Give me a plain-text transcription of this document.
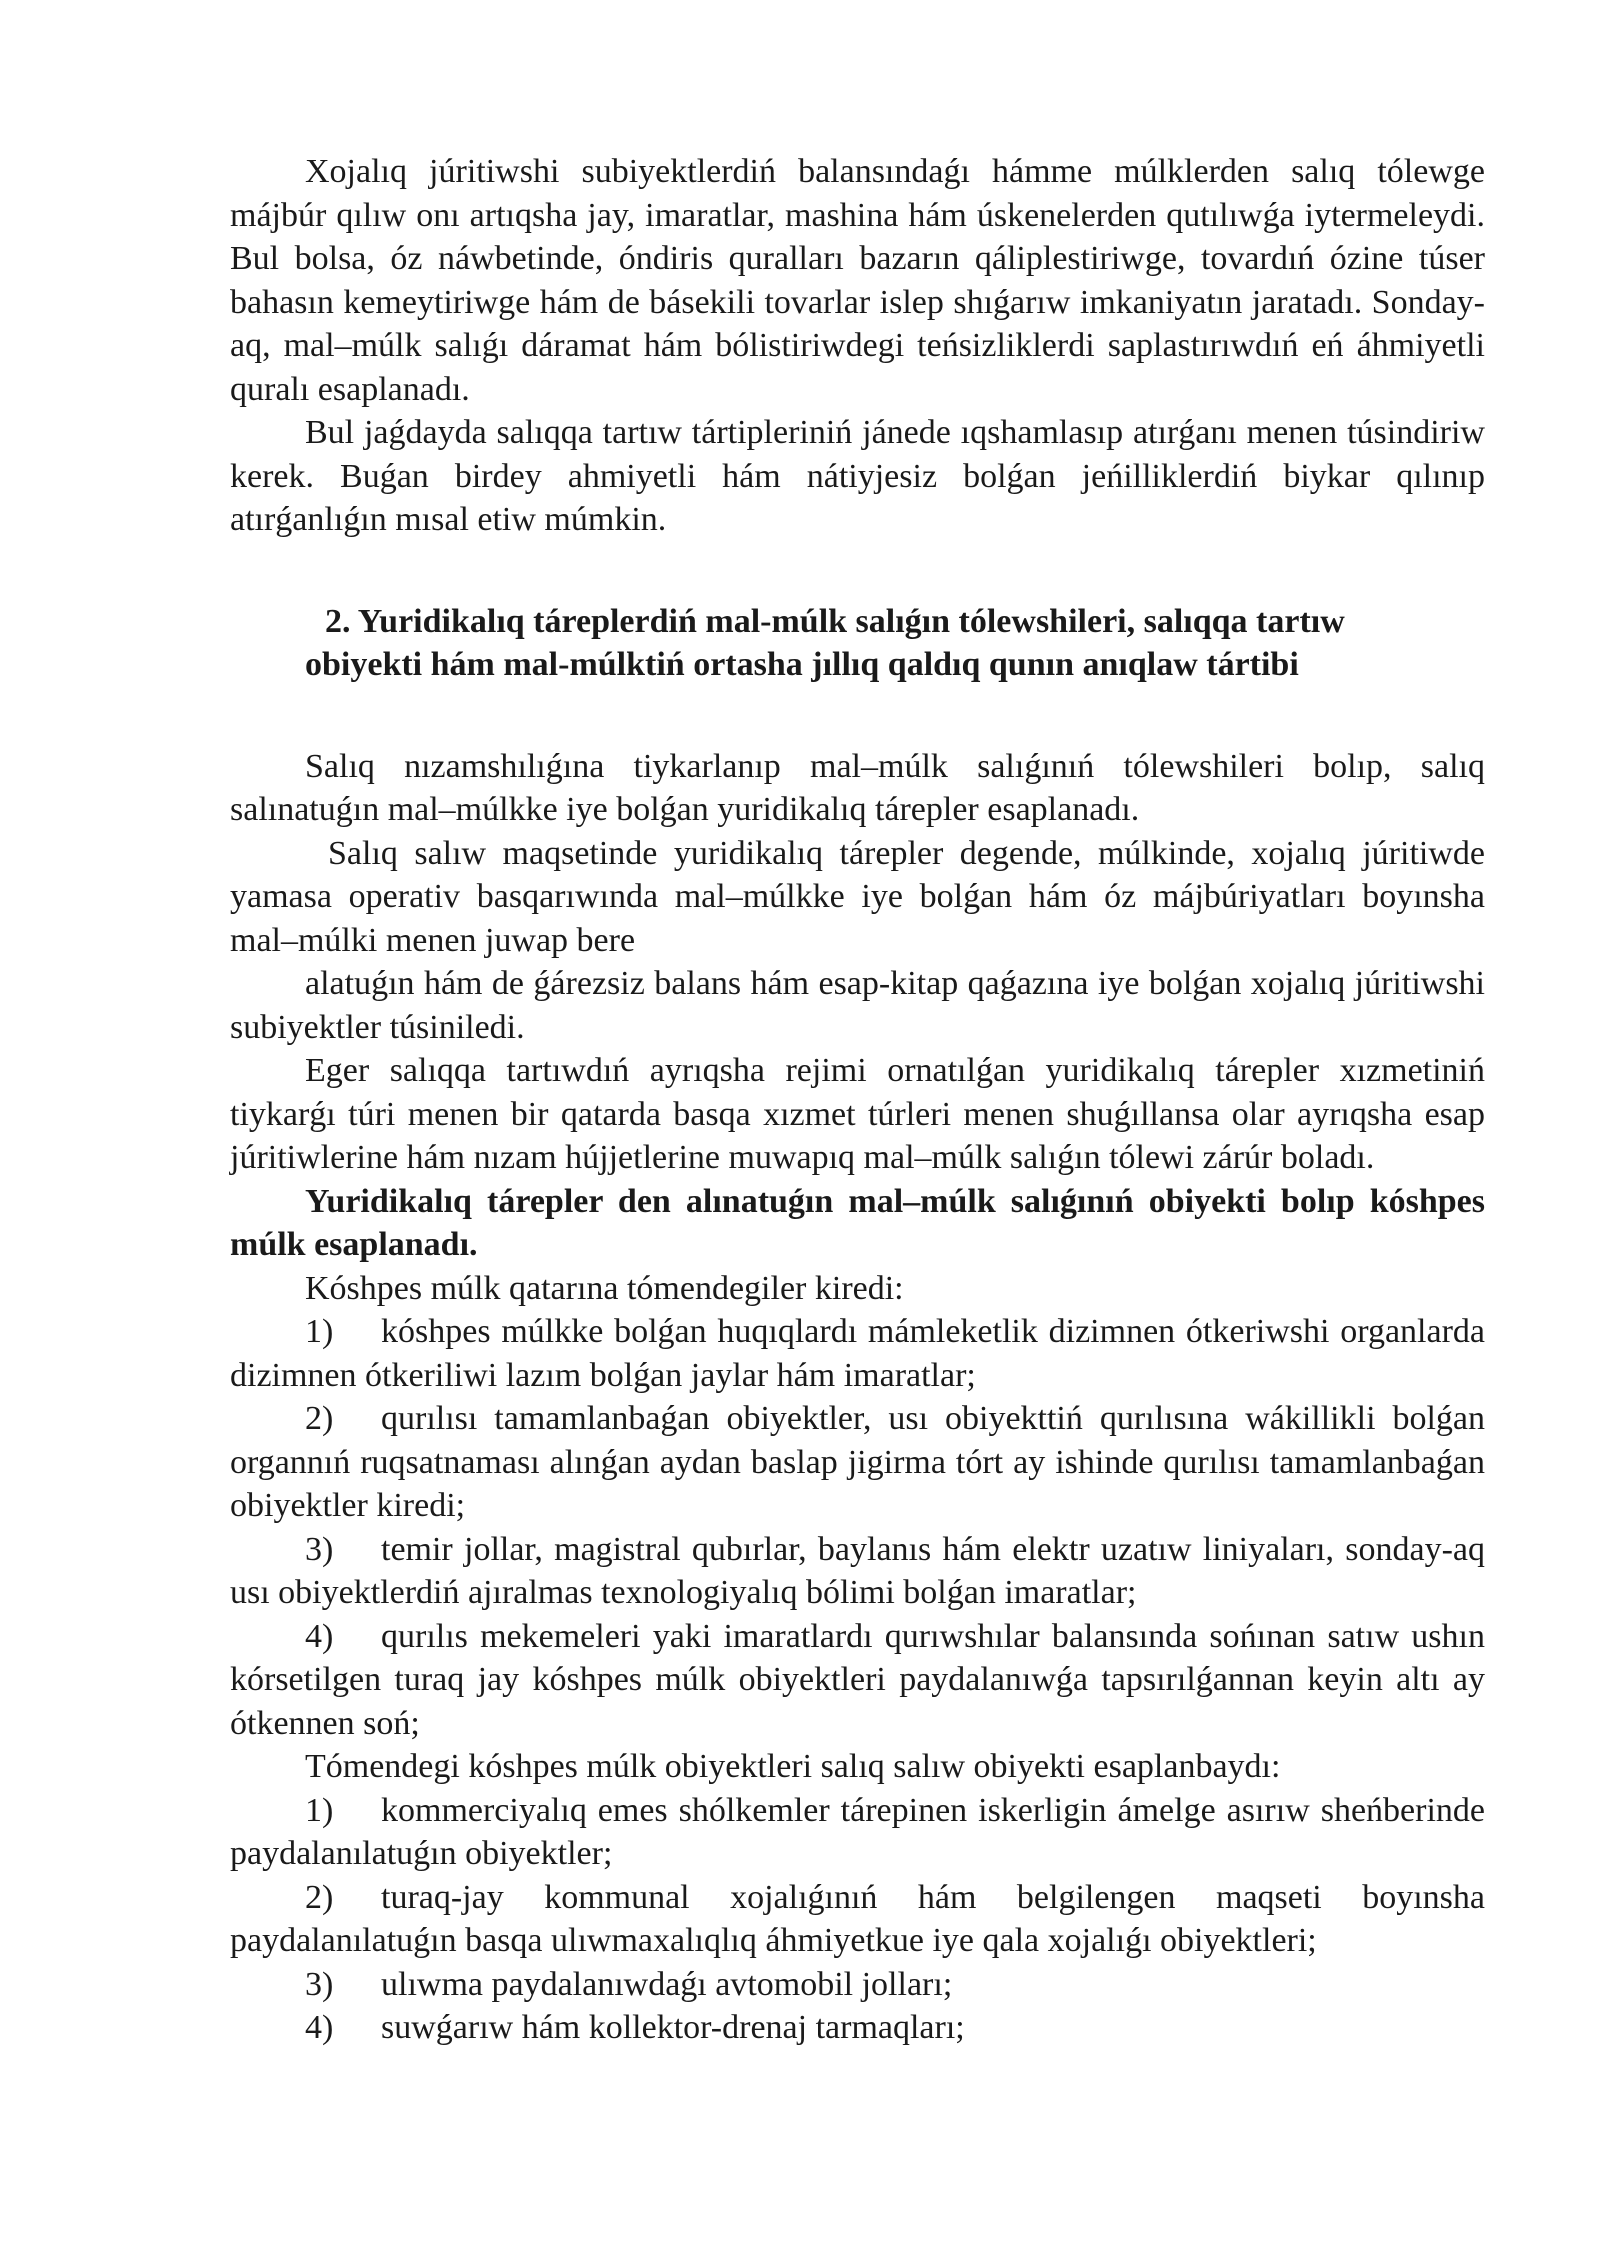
Xojalıq júritiwshi subiyektlerdiń balansındaǵı hámme múlklerden salıq tólewge májbúr qılıw onı artıqsha jay, imaratlar, mashina hám úskenelerden qutılıwǵa iytermeleydi. Bul bolsa, óz náwbetinde, óndiris quralları bazarın qáliplestiriwge, tovardıń ózine túser bahasın kemeytiriwge hám de básekili tovarlar islep shıǵarıw imkaniyatın jaratadı. Sonday-aq, mal–múlk salıǵı dáramat hám bólistiriwdegi teńsizliklerdi saplastırıwdıń eń áhmiyetli quralı esaplanadı.

Bul jaǵdayda salıqqa tartıw tártipleriniń jánede ıqshamlasıp atırǵanı menen túsindiriw kerek. Buǵan birdey ahmiyetli hám nátiyjesiz bolǵan jeńilliklerdiń biykar qılınıp atırǵanlıǵın mısal etiw múmkin.

2. Yuridikalıq táreplerdiń mal-múlk salıǵın tólewshileri, salıqqa tartıw
obiyekti hám mal-múlktiń ortasha jıllıq qaldıq qunın anıqlaw tártibi

Salıq nızamshılıǵına tiykarlanıp mal–múlk salıǵınıń tólewshileri bolıp, salıq salınatuǵın mal–múlkke iye bolǵan yuridikalıq tárepler esaplanadı.

Salıq salıw maqsetinde yuridikalıq tárepler degende, múlkinde, xojalıq júritiwde yamasa operativ basqarıwında mal–múlkke iye bolǵan hám óz májbúriyatları boyınsha mal–múlki menen juwap bere

alatuǵın hám de ǵárezsiz balans hám esap-kitap qaǵazına iye bolǵan xojalıq júritiwshi subiyektler túsiniledi.

Eger salıqqa tartıwdıń ayrıqsha rejimi ornatılǵan yuridikalıq tárepler xızmetiniń tiykarǵı túri menen bir qatarda basqa xızmet túrleri menen shuǵıllansa olar ayrıqsha esap júritiwlerine hám nızam hújjetlerine muwapıq mal–múlk salıǵın tólewi zárúr boladı.

Yuridikalıq tárepler den alınatuǵın mal–múlk salıǵınıń obiyekti bolıp kóshpes múlk esaplanadı.

Kóshpes múlk qatarına tómendegiler kiredi:

1) kóshpes múlkke bolǵan huqıqlardı mámleketlik dizimnen ótkeriwshi organlarda dizimnen ótkeriliwi lazım bolǵan jaylar hám imaratlar;

2) qurılısı tamamlanbaǵan obiyektler, usı obiyekttiń qurılısına wákillikli bolǵan organnıń ruqsatnaması alınǵan aydan baslap jigirma tórt ay ishinde qurılısı tamamlanbaǵan obiyektler kiredi;

3) temir jollar, magistral qubırlar, baylanıs hám elektr uzatıw liniyaları, sonday-aq usı obiyektlerdiń ajıralmas texnologiyalıq bólimi bolǵan imaratlar;

4) qurılıs mekemeleri yaki imaratlardı qurıwshılar balansında sońınan satıw ushın kórsetilgen turaq jay kóshpes múlk obiyektleri paydalanıwǵa tapsırılǵannan keyin altı ay ótkennen soń;

Tómendegi kóshpes múlk obiyektleri salıq salıw obiyekti esaplanbaydı:

1) kommerciyalıq emes shólkemler tárepinen iskerligin ámelge asırıw sheńberinde paydalanılatuǵın obiyektler;

2) turaq-jay kommunal xojalıǵınıń hám belgilengen maqseti boyınsha paydalanılatuǵın basqa ulıwmaxalıqlıq áhmiyetkue iye qala xojalıǵı obiyektleri;

3) ulıwma paydalanıwdaǵı avtomobil jolları;

4) suwǵarıw hám kollektor-drenaj tarmaqları;
